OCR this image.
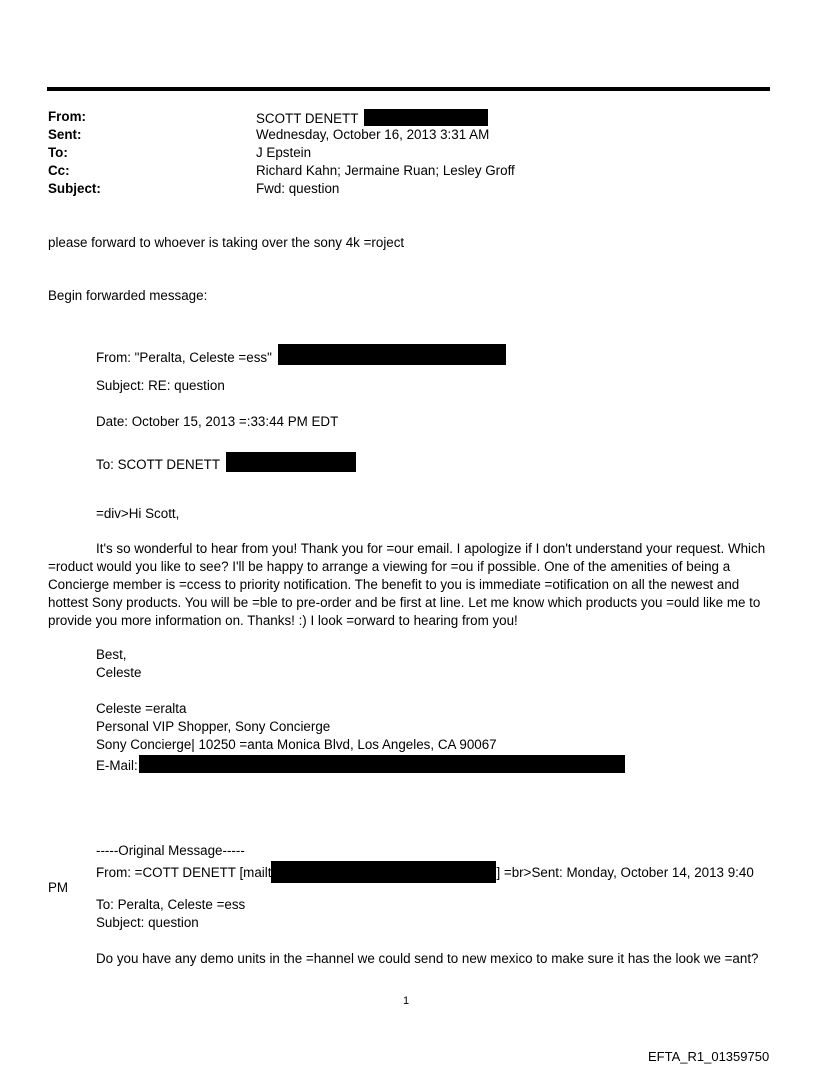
From:	SCOTT DENETT
Sent:	Wednesday, October 16, 2013 3:31 AM
To:	J Epstein
Cc:	Richard Kahn; Jermaine Ruan; Lesley Groff
Subject:	Fwd: question
please forward to whoever is taking over the sony 4k =roject
Begin forwarded message:
From: "Peralta, Celeste =ess"
Subject: RE: question
Date: October 15, 2013 =:33:44 PM EDT
To: SCOTT DENETT
=div>Hi Scott,
It's so wonderful to hear from you! Thank you for =our email. I apologize if I don't understand your request. Which =roduct would you like to see? I'll be happy to arrange a viewing for =ou if possible. One of the amenities of being a Concierge member is =ccess to priority notification. The benefit to you is immediate =otification on all the newest and hottest Sony products. You will be =ble to pre-order and be first at line. Let me know which products you =ould like me to provide you more information on. Thanks! :) I look =orward to hearing from you!
Best,
Celeste
Celeste =eralta
Personal VIP Shopper, Sony Concierge
Sony Concierge| 10250 =anta Monica Blvd, Los Angeles, CA 90067
E-Mail:
-----Original Message-----
From: =COTT DENETT [mailt	] =br>Sent: Monday, October 14, 2013 9:40
PM
To: Peralta, Celeste =ess
Subject: question
Do you have any demo units in the =hannel we could send to new mexico to make sure it has the look we =ant?
1
EFTA_R1_01359750
